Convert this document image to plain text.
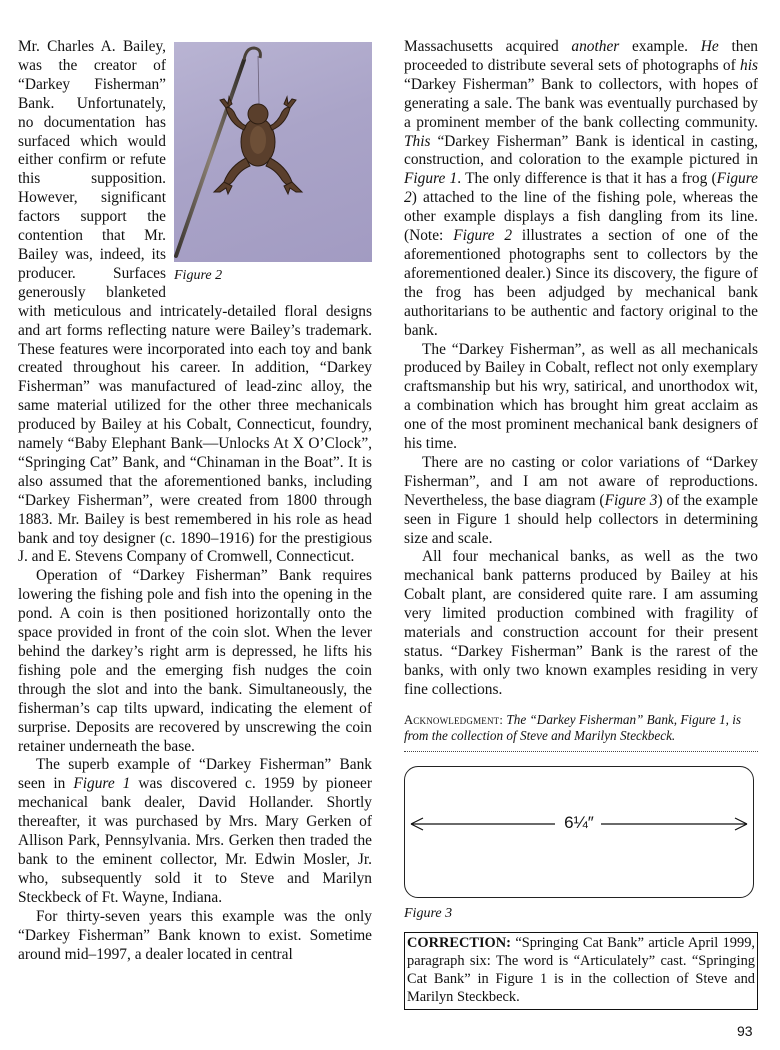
Figure 2
Mr. Charles A. Bailey, was the creator of “Darkey Fisherman” Bank. Unfortunately, no documentation has surfaced which would either confirm or refute this supposition. However, significant factors support the contention that Mr. Bailey was, indeed, its producer. Surfaces generously blanketed with meticulous and intricately-detailed floral designs and art forms reflecting nature were Bailey’s trademark. These features were incorporated into each toy and bank created throughout his career. In addition, “Darkey Fisherman” was manufactured of lead-zinc alloy, the same material utilized for the other three mechanicals produced by Bailey at his Cobalt, Connecticut, foundry, namely “Baby Elephant Bank—Unlocks At X O’Clock”, “Springing Cat” Bank, and “Chinaman in the Boat”. It is also assumed that the aforementioned banks, including “Darkey Fisherman”, were created from 1800 through 1883. Mr. Bailey is best remembered in his role as head bank and toy designer (c. 1890–1916) for the prestigious J. and E. Stevens Company of Cromwell, Connecticut.
Operation of “Darkey Fisherman” Bank requires lowering the fishing pole and fish into the opening in the pond. A coin is then positioned horizontally onto the space provided in front of the coin slot. When the lever behind the darkey’s right arm is depressed, he lifts his fishing pole and the emerging fish nudges the coin through the slot and into the bank. Simultaneously, the fisherman’s cap tilts upward, indicating the element of surprise. Deposits are recovered by unscrewing the coin retainer underneath the base.
The superb example of “Darkey Fisherman” Bank seen in Figure 1 was discovered c. 1959 by pioneer mechanical bank dealer, David Hollander. Shortly thereafter, it was purchased by Mrs. Mary Gerken of Allison Park, Pennsylvania. Mrs. Gerken then traded the bank to the eminent collector, Mr. Edwin Mosler, Jr. who, subsequently sold it to Steve and Marilyn Steckbeck of Ft. Wayne, Indiana.
For thirty-seven years this example was the only “Darkey Fisherman” Bank known to exist. Sometime around mid–1997, a dealer located in central
Massachusetts acquired another example. He then proceeded to distribute several sets of photographs of his “Darkey Fisherman” Bank to collectors, with hopes of generating a sale. The bank was eventually purchased by a prominent member of the bank collecting community. This “Darkey Fisherman” Bank is identical in casting, construction, and coloration to the example pictured in Figure 1. The only difference is that it has a frog (Figure 2) attached to the line of the fishing pole, whereas the other example displays a fish dangling from its line. (Note: Figure 2 illustrates a section of one of the aforementioned photographs sent to collectors by the aforementioned dealer.) Since its discovery, the figure of the frog has been adjudged by mechanical bank authoritarians to be authentic and factory original to the bank.
The “Darkey Fisherman”, as well as all mechanicals produced by Bailey in Cobalt, reflect not only exemplary craftsmanship but his wry, satirical, and unorthodox wit, a combination which has brought him great acclaim as one of the most prominent mechanical bank designers of his time.
There are no casting or color variations of “Darkey Fisherman”, and I am not aware of reproductions. Nevertheless, the base diagram (Figure 3) of the example seen in Figure 1 should help collectors in determining size and scale.
All four mechanical banks, as well as the two mechanical bank patterns produced by Bailey at his Cobalt plant, are considered quite rare. I am assuming very limited production combined with fragility of materials and construction account for their present status. “Darkey Fisherman” Bank is the rarest of the banks, with only two known examples residing in very fine collections.
Acknowledgment: The “Darkey Fisherman” Bank, Figure 1, is from the collection of Steve and Marilyn Steckbeck.
6¼″
Figure 3
CORRECTION: “Springing Cat Bank” article April 1999, paragraph six: The word is “Articulately” cast. “Springing Cat Bank” in Figure 1 is in the collection of Steve and Marilyn Steckbeck.
93
